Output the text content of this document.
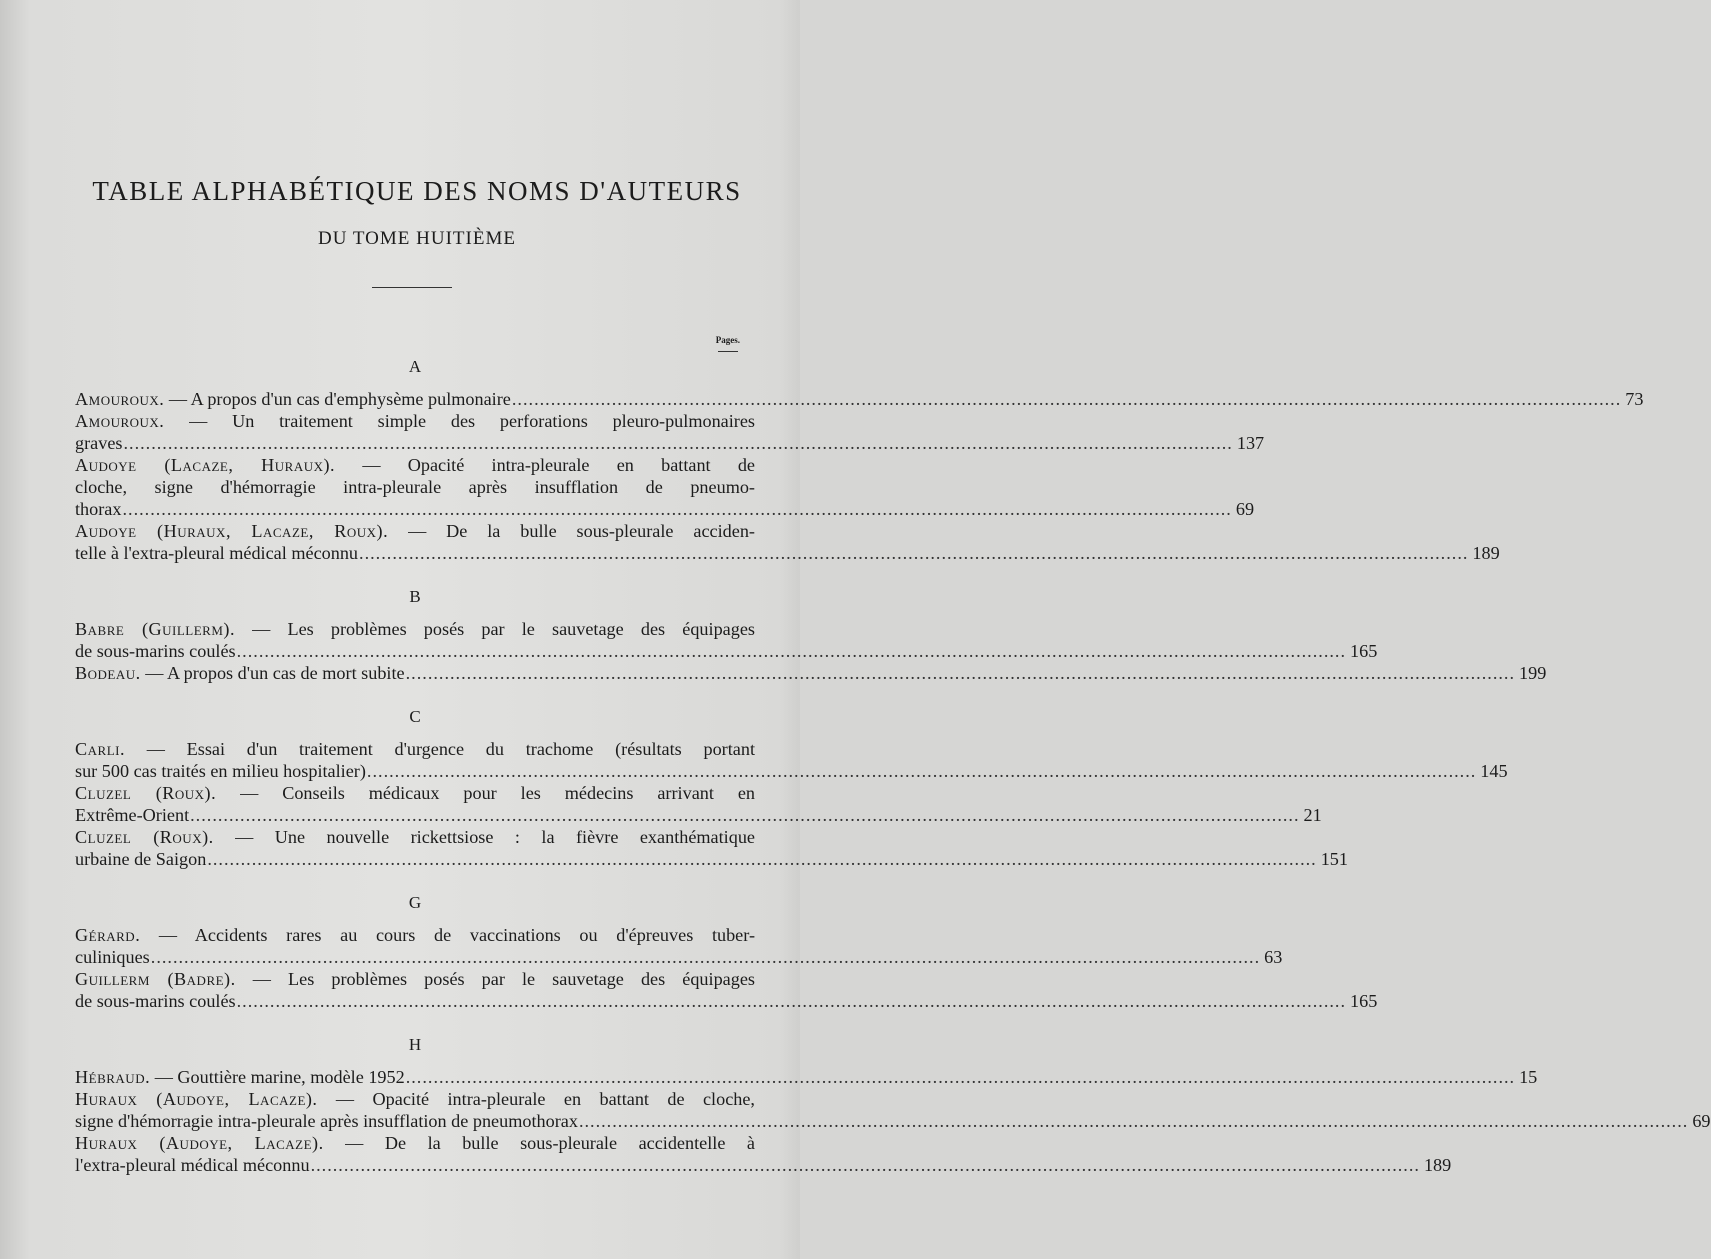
TABLE ALPHABÉTIQUE DES NOMS D'AUTEURS
DU TOME HUITIÈME
Pages.
A
Amouroux. — A propos d'un cas d'emphysème pulmonaire ........................................................................................................................................................................................................ 73
Amouroux. — Un traitement simple des perforations pleuro-pulmonaires
graves ........................................................................................................................................................................................................ 137
Audoye (Lacaze, Huraux). — Opacité intra-pleurale en battant de
cloche, signe d'hémorragie intra-pleurale après insufflation de pneumo-
thorax ........................................................................................................................................................................................................ 69
Audoye (Huraux, Lacaze, Roux). — De la bulle sous-pleurale acciden-
telle à l'extra-pleural médical méconnu ........................................................................................................................................................................................................ 189
B
Babre (Guillerm). — Les problèmes posés par le sauvetage des équipages
de sous-marins coulés ........................................................................................................................................................................................................ 165
Bodeau. — A propos d'un cas de mort subite ........................................................................................................................................................................................................ 199
C
Carli. — Essai d'un traitement d'urgence du trachome (résultats portant
sur 500 cas traités en milieu hospitalier) ........................................................................................................................................................................................................ 145
Cluzel (Roux). — Conseils médicaux pour les médecins arrivant en
Extrême-Orient ........................................................................................................................................................................................................ 21
Cluzel (Roux). — Une nouvelle rickettsiose : la fièvre exanthématique
urbaine de Saigon ........................................................................................................................................................................................................ 151
G
Gérard. — Accidents rares au cours de vaccinations ou d'épreuves tuber-
culiniques ........................................................................................................................................................................................................ 63
Guillerm (Badre). — Les problèmes posés par le sauvetage des équipages
de sous-marins coulés ........................................................................................................................................................................................................ 165
H
Hébraud. — Gouttière marine, modèle 1952 ........................................................................................................................................................................................................ 15
Huraux (Audoye, Lacaze). — Opacité intra-pleurale en battant de cloche,
signe d'hémorragie intra-pleurale après insufflation de pneumothorax ........................................................................................................................................................................................................ 69
Huraux (Audoye, Lacaze). — De la bulle sous-pleurale accidentelle à
l'extra-pleural médical méconnu ........................................................................................................................................................................................................ 189
